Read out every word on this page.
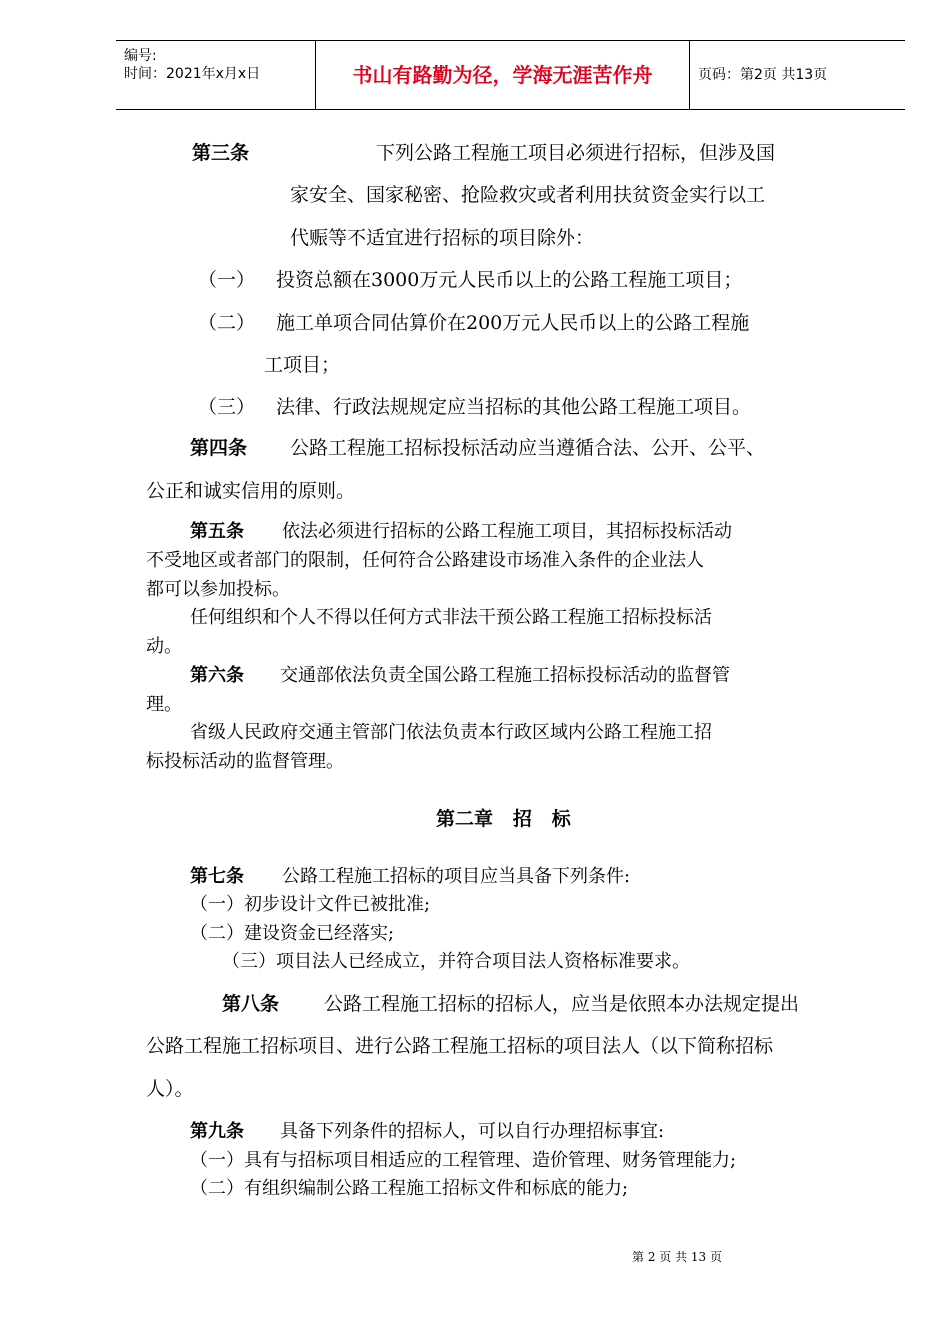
编号:
时间：2021年x月x日	书山有路勤为径，学海无涯苦作舟	页码：第2页 共13页
第三条	下列公路工程施工项目必须进行招标，但涉及国
家安全、国家秘密、抢险救灾或者利用扶贫资金实行以工
代赈等不适宜进行招标的项目除外：
（一） 投资总额在3000万元人民币以上的公路工程施工项目；
（二） 施工单项合同估算价在200万元人民币以上的公路工程施
工项目；
（三） 法律、行政法规规定应当招标的其他公路工程施工项目。
第四条 公路工程施工招标投标活动应当遵循合法、公开、公平、
公正和诚实信用的原则。
第五条 依法必须进行招标的公路工程施工项目，其招标投标活动
不受地区或者部门的限制，任何符合公路建设市场准入条件的企业法人
都可以参加投标。
任何组织和个人不得以任何方式非法干预公路工程施工招标投标活
动。
第六条 交通部依法负责全国公路工程施工招标投标活动的监督管
理。
省级人民政府交通主管部门依法负责本行政区域内公路工程施工招
标投标活动的监督管理。
第二章   招   标
第七条 公路工程施工招标的项目应当具备下列条件:
（一）初步设计文件已被批准;
（二）建设资金已经落实;
（三）项目法人已经成立，并符合项目法人资格标准要求。
第八条 公路工程施工招标的招标人，应当是依照本办法规定提出
公路工程施工招标项目、进行公路工程施工招标的项目法人（以下简称招标
人）。
第九条 具备下列条件的招标人，可以自行办理招标事宜:
（一）具有与招标项目相适应的工程管理、造价管理、财务管理能力;
（二）有组织编制公路工程施工招标文件和标底的能力;
第 2 页 共 13 页
